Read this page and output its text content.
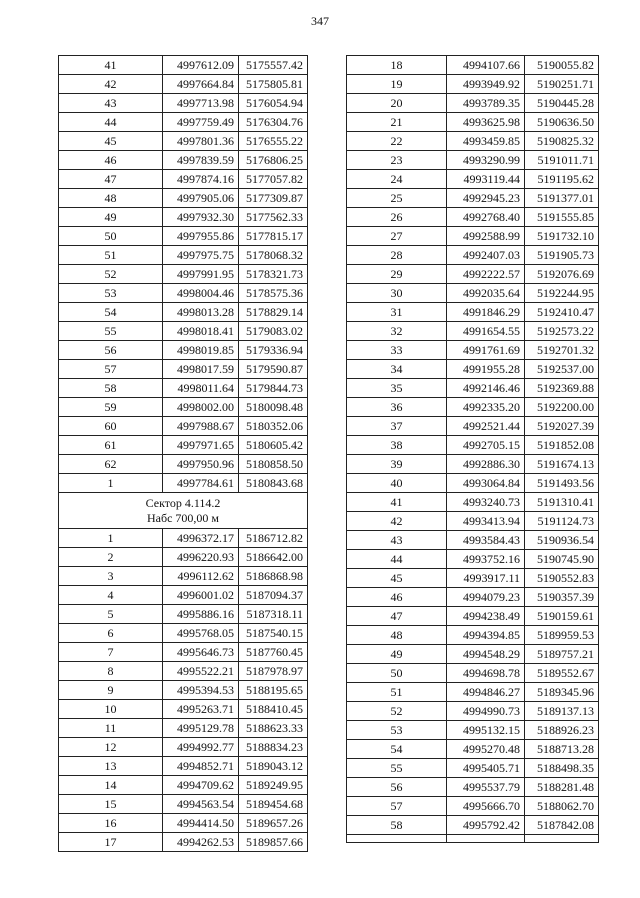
347
41	4997612.09	5175557.42
42	4997664.84	5175805.81
43	4997713.98	5176054.94
44	4997759.49	5176304.76
45	4997801.36	5176555.22
46	4997839.59	5176806.25
47	4997874.16	5177057.82
48	4997905.06	5177309.87
49	4997932.30	5177562.33
50	4997955.86	5177815.17
51	4997975.75	5178068.32
52	4997991.95	5178321.73
53	4998004.46	5178575.36
54	4998013.28	5178829.14
55	4998018.41	5179083.02
56	4998019.85	5179336.94
57	4998017.59	5179590.87
58	4998011.64	5179844.73
59	4998002.00	5180098.48
60	4997988.67	5180352.06
61	4997971.65	5180605.42
62	4997950.96	5180858.50
1	4997784.61	5180843.68
Сектор 4.114.2
Набс 700,00 м		
1	4996372.17	5186712.82
2	4996220.93	5186642.00
3	4996112.62	5186868.98
4	4996001.02	5187094.37
5	4995886.16	5187318.11
6	4995768.05	5187540.15
7	4995646.73	5187760.45
8	4995522.21	5187978.97
9	4995394.53	5188195.65
10	4995263.71	5188410.45
11	4995129.78	5188623.33
12	4994992.77	5188834.23
13	4994852.71	5189043.12
14	4994709.62	5189249.95
15	4994563.54	5189454.68
16	4994414.50	5189657.26
17	4994262.53	5189857.66
18	4994107.66	5190055.82
19	4993949.92	5190251.71
20	4993789.35	5190445.28
21	4993625.98	5190636.50
22	4993459.85	5190825.32
23	4993290.99	5191011.71
24	4993119.44	5191195.62
25	4992945.23	5191377.01
26	4992768.40	5191555.85
27	4992588.99	5191732.10
28	4992407.03	5191905.73
29	4992222.57	5192076.69
30	4992035.64	5192244.95
31	4991846.29	5192410.47
32	4991654.55	5192573.22
33	4991761.69	5192701.32
34	4991955.28	5192537.00
35	4992146.46	5192369.88
36	4992335.20	5192200.00
37	4992521.44	5192027.39
38	4992705.15	5191852.08
39	4992886.30	5191674.13
40	4993064.84	5191493.56
41	4993240.73	5191310.41
42	4993413.94	5191124.73
43	4993584.43	5190936.54
44	4993752.16	5190745.90
45	4993917.11	5190552.83
46	4994079.23	5190357.39
47	4994238.49	5190159.61
48	4994394.85	5189959.53
49	4994548.29	5189757.21
50	4994698.78	5189552.67
51	4994846.27	5189345.96
52	4994990.73	5189137.13
53	4995132.15	5188926.23
54	4995270.48	5188713.28
55	4995405.71	5188498.35
56	4995537.79	5188281.48
57	4995666.70	5188062.70
58	4995792.42	5187842.08
